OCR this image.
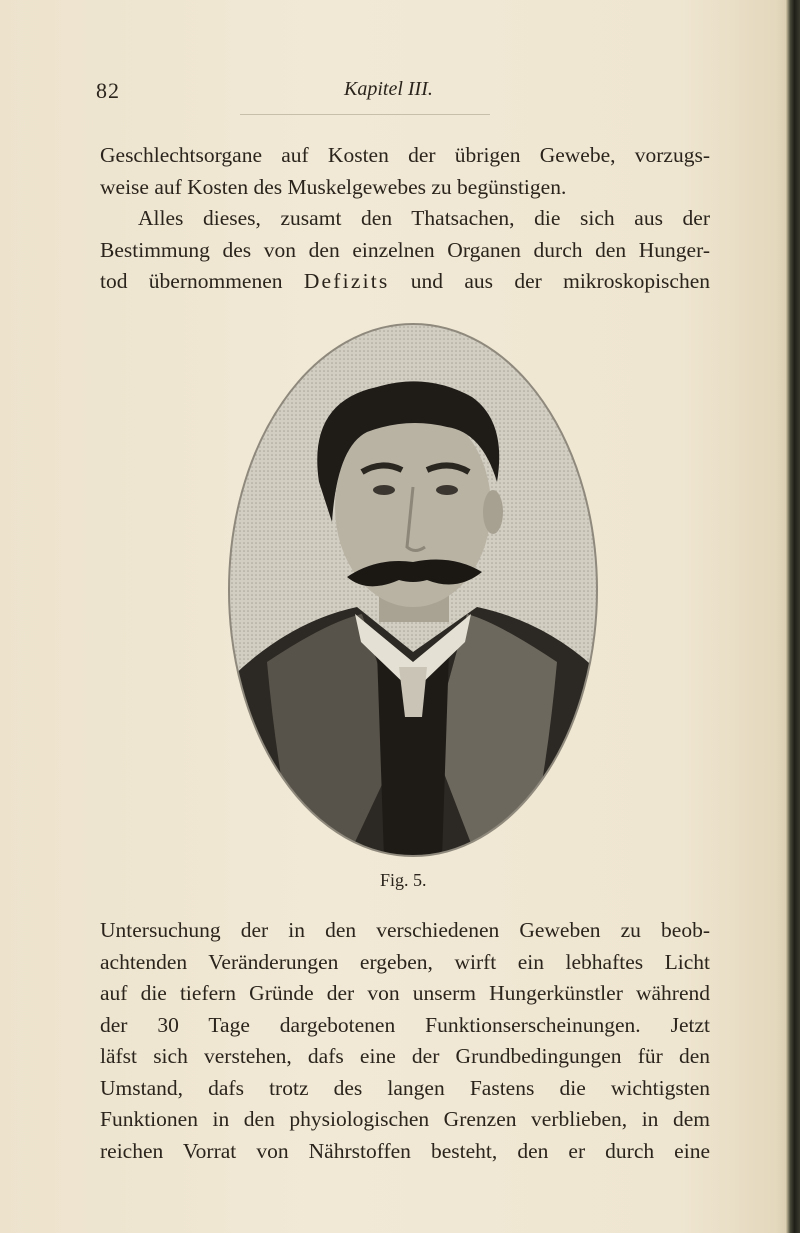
82	Kapitel III.
Geschlechtsorgane auf Kosten der übrigen Gewebe, vorzugs-
weise auf Kosten des Muskelgewebes zu begünstigen.
Alles dieses, zusamt den Thatsachen, die sich aus der
Bestimmung des von den einzelnen Organen durch den Hunger-
tod übernommenen Defizits und aus der mikroskopischen
Fig. 5.
Untersuchung der in den verschiedenen Geweben zu beob-
achtenden Veränderungen ergeben, wirft ein lebhaftes Licht
auf die tiefern Gründe der von unserm Hungerkünstler während
der 30 Tage dargebotenen Funktionserscheinungen. Jetzt
läfst sich verstehen, dafs eine der Grundbedingungen für den
Umstand, dafs trotz des langen Fastens die wichtigsten
Funktionen in den physiologischen Grenzen verblieben, in dem
reichen Vorrat von Nährstoffen besteht, den er durch eine
